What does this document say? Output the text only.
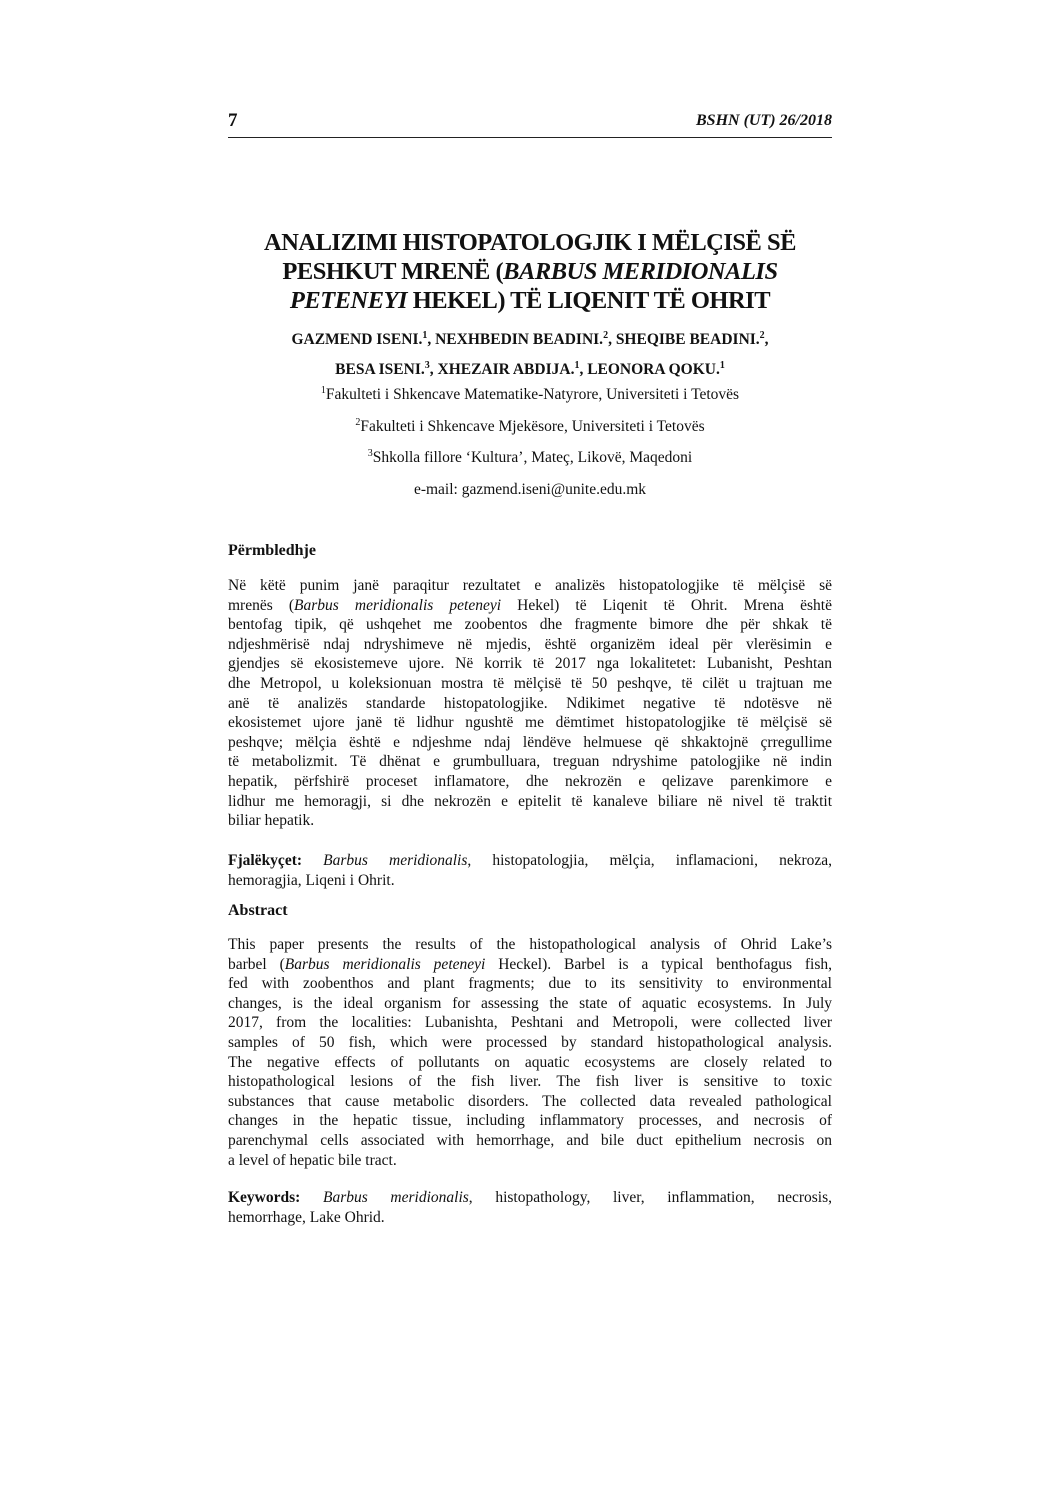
7	BSHN (UT) 26/2018
ANALIZIMI HISTOPATOLOGJIK I MËLÇISË SË
PESHKUT MRENË (BARBUS MERIDIONALIS
PETENEYI HEKEL) TË LIQENIT TË OHRIT
GAZMEND ISENI.$^1$, NEXHBEDIN BEADINI.$^2$, SHEQIBE BEADINI.$^2$,
BESA ISENI.$^3$, XHEZAIR ABDIJA.$^1$, LEONORA QOKU.$^1$
$^1$Fakulteti i Shkencave Matematike-Natyrore, Universiteti i Tetovës
$^2$Fakulteti i Shkencave Mjekësore, Universiteti i Tetovës
$^3$Shkolla fillore ‘Kultura’, Mateç, Likovë, Maqedoni
e-mail: gazmend.iseni@unite.edu.mk
Përmbledhje
Në këtë punim janë paraqitur rezultatet e analizës histopatologjike të mëlçisë së
mrenës (Barbus meridionalis peteneyi Hekel) të Liqenit të Ohrit. Mrena është
bentofag tipik, që ushqehet me zoobentos dhe fragmente bimore dhe për shkak të
ndjeshmërisë ndaj ndryshimeve në mjedis, është organizëm ideal për vlerësimin e
gjendjes së ekosistemeve ujore. Në korrik të 2017 nga lokalitetet: Lubanisht, Peshtan
dhe Metropol, u koleksionuan mostra të mëlçisë të 50 peshqve, të cilët u trajtuan me
anë të analizës standarde histopatologjike. Ndikimet negative të ndotësve në
ekosistemet ujore janë të lidhur ngushtë me dëmtimet histopatologjike të mëlçisë së
peshqve; mëlçia është e ndjeshme ndaj lëndëve helmuese që shkaktojnë çrregullime
të metabolizmit. Të dhënat e grumbulluara, treguan ndryshime patologjike në indin
hepatik, përfshirë proceset inflamatore, dhe nekrozën e qelizave parenkimore e
lidhur me hemoragji, si dhe nekrozën e epitelit të kanaleve biliare në nivel të traktit
biliar hepatik.
Fjalëkyçet: Barbus meridionalis, histopatologjia, mëlçia, inflamacioni, nekroza,
hemoragjia, Liqeni i Ohrit.
Abstract
This paper presents the results of the histopathological analysis of Ohrid Lake’s
barbel (Barbus meridionalis peteneyi Heckel). Barbel is a typical benthofagus fish,
fed with zoobenthos and plant fragments; due to its sensitivity to environmental
changes, is the ideal organism for assessing the state of aquatic ecosystems. In July
2017, from the localities: Lubanishta, Peshtani and Metropoli, were collected liver
samples of 50 fish, which were processed by standard histopathological analysis.
The negative effects of pollutants on aquatic ecosystems are closely related to
histopathological lesions of the fish liver. The fish liver is sensitive to toxic
substances that cause metabolic disorders. The collected data revealed pathological
changes in the hepatic tissue, including inflammatory processes, and necrosis of
parenchymal cells associated with hemorrhage, and bile duct epithelium necrosis on
a level of hepatic bile tract.
Keywords: Barbus meridionalis, histopathology, liver, inflammation, necrosis,
hemorrhage, Lake Ohrid.
